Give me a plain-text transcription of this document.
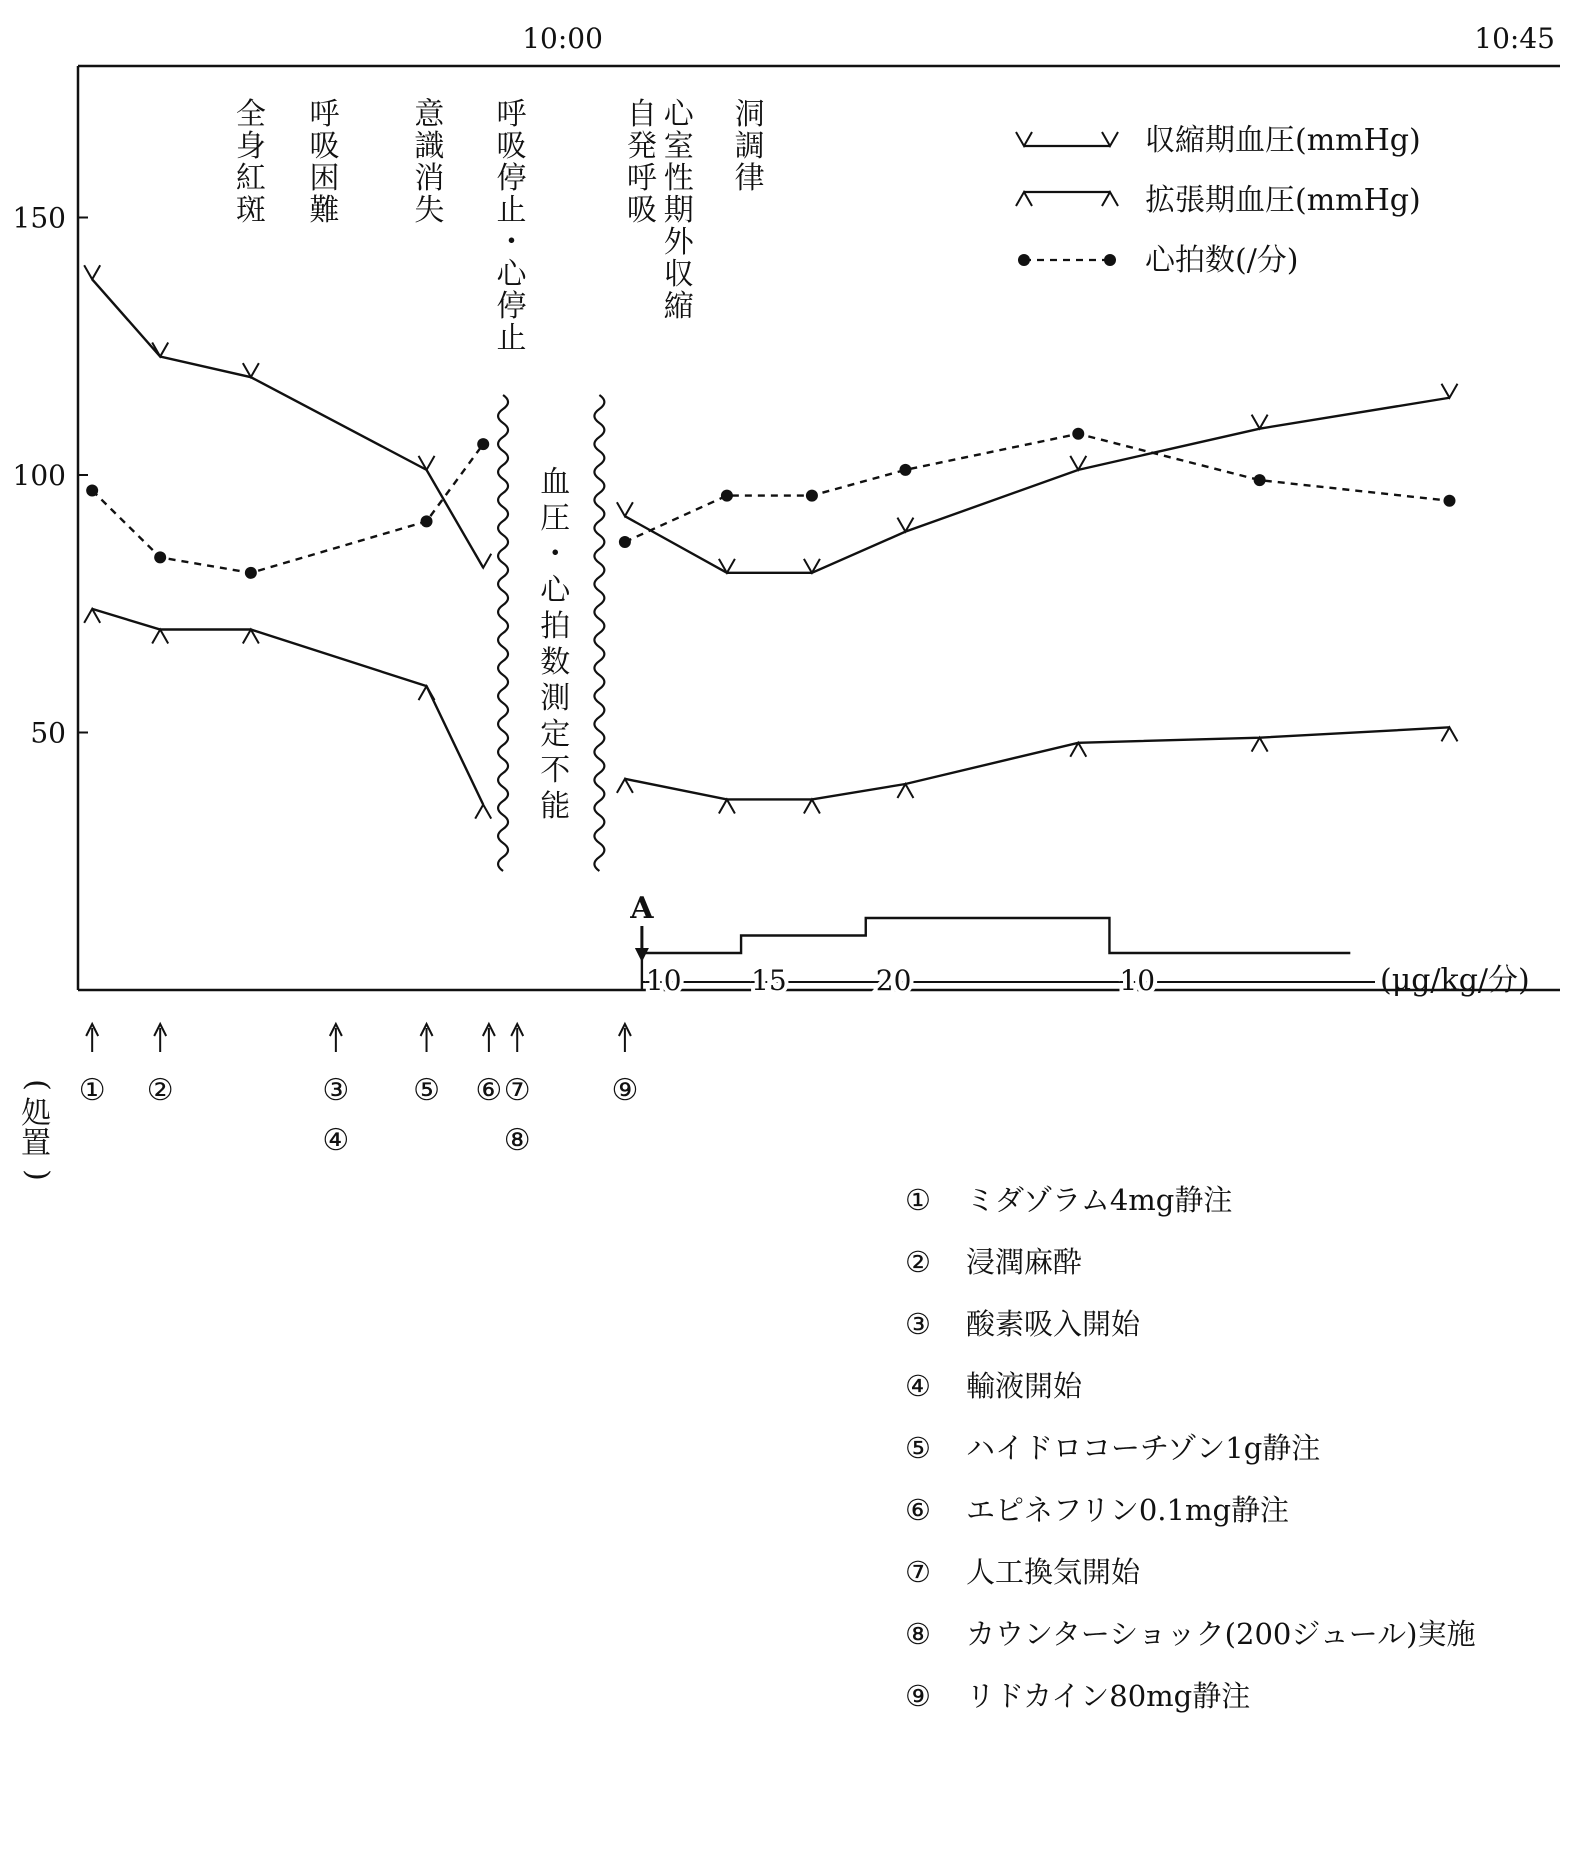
10:00	10:45
150
100
50
全
身
紅
斑
呼
吸
困
難
意
識
消
失
呼
吸
停
止
・
心
停
止
自
発
呼
吸
心
室
性
期
外
収
縮
洞
調
律
血
圧
・
心
拍
数
測
定
不
能
収縮期血圧(mmHg)
拡張期血圧(mmHg)
心拍数(/分)
10 15	20	10	(μg/kg/分)
A
① ②	③
④
⑤ ⑥ ⑦
⑧
⑨
(
処
置
)
① ミダゾラム4mg静注
② 浸潤麻酔
③ 酸素吸入開始
④ 輸液開始
⑤ ハイドロコーチゾン1g静注
⑥ エピネフリン0.1mg静注
⑦ 人工換気開始
⑧ カウンターショック(200ジュール)実施
⑨ リドカイン80mg静注
